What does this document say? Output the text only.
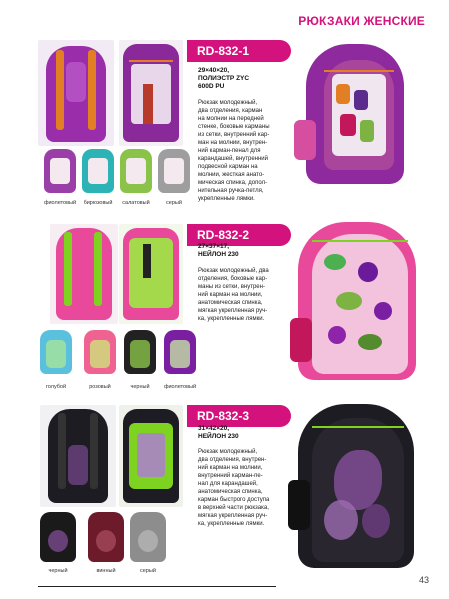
РЮКЗАКИ ЖЕНСКИЕ
RD-832-1
29×40×20,
ПОЛИЭСТР ZYC
600D PU
Рюкзак молодежный,
два отделения, карман
на молнии на передней
стенке, боковые карманы
из сетки, внутренний кар-
ман на молнии, внутрен-
ний карман-пенал для
карандашей, внутренний
подвесной карман на
молнии, жесткая анато-
мическая спинка, допол-
нительная ручка-петля,
укрепленные лямки.
фиолетовый	бирюзовый	салатовый	серый
RD-832-2
27×37×17,
НЕЙЛОН 230
Рюкзак молодежный, два
отделения, боковые кар-
маны из сетки, внутрен-
ний карман на молнии,
анатомическая спинка,
мягкая укрепленная руч-
ка, укрепленные лямки.
голубой	розовый	черный	фиолетовый
RD-832-3
31×42×20,
НЕЙЛОН 230
Рюкзак молодежный,
два отделения, внутрен-
ний карман на молнии,
внутренний карман-пе-
нал для карандашей,
анатомическая спинка,
карман быстрого доступа
в верхней части рюкзака,
мягкая укрепленная руч-
ка, укрепленные лямки.
черный	винный	серый
43
